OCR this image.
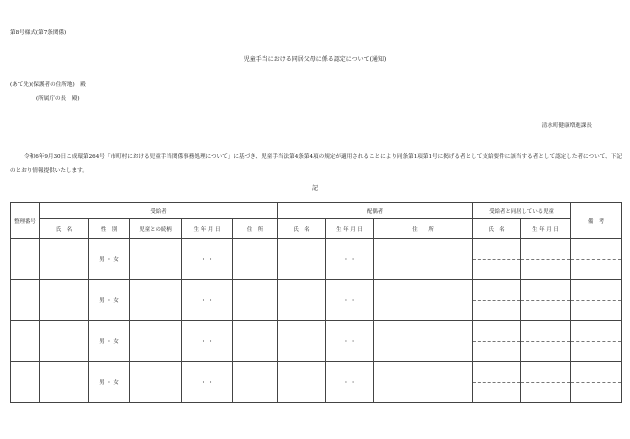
第8号様式(第7条関係)
児童手当における同居父母に係る認定について(通知)
(あて先)(保護者の住所地)　殿
(所属庁の長　殿)
清水町健康増進課長
令和6年9月30日こ成環第264号「市町村における児童手当関係事務処理について」に基づき、児童手当法第4条第4項の規定が適用されることにより同条第1項第1号に掲げる者として支給要件に該当する者として認定した者について、下記のとおり情報提供いたします。
記
整理番号	受給者					配偶者			受給者と同居している児童		備　考
	氏　名	性　別	児童との続柄	生 年 月 日	住　所	氏　名	生 年 月 日	住　　所	氏　名	生 年 月 日	
		男 ・ 女		・ ・			・ ・		

		男 ・ 女		・ ・			・ ・		

		男 ・ 女		・ ・			・ ・		

		男 ・ 女		・ ・			・ ・		
